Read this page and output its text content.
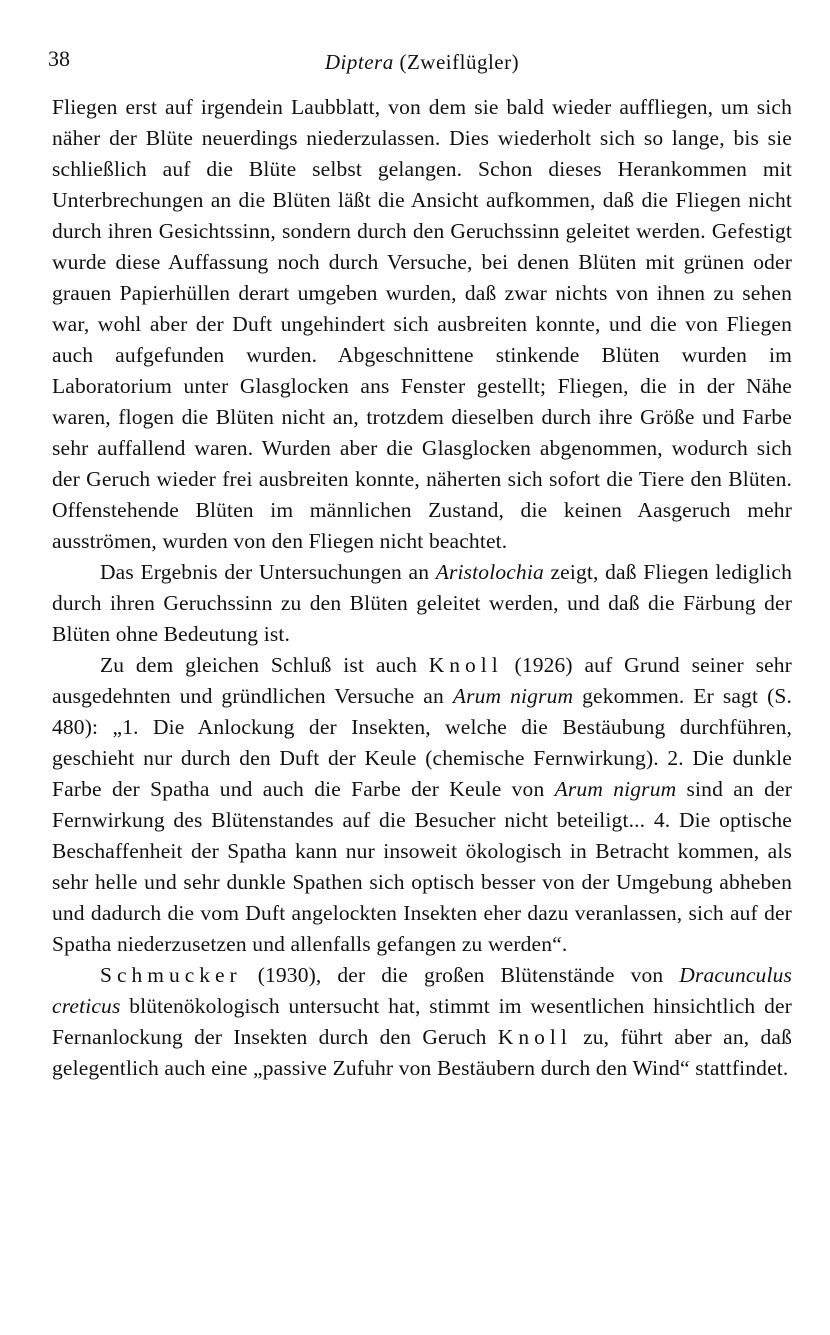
38	Diptera (Zweiflügler)

Fliegen erst auf irgendein Laubblatt, von dem sie bald wieder auffliegen, um sich näher der Blüte neuerdings niederzulassen. Dies wiederholt sich so lange, bis sie schließlich auf die Blüte selbst gelangen. Schon dieses Herankommen mit Unterbrechungen an die Blüten läßt die Ansicht aufkommen, daß die Fliegen nicht durch ihren Gesichtssinn, sondern durch den Geruchssinn geleitet werden. Gefestigt wurde diese Auffassung noch durch Versuche, bei denen Blüten mit grünen oder grauen Papierhüllen derart umgeben wurden, daß zwar nichts von ihnen zu sehen war, wohl aber der Duft ungehindert sich ausbreiten konnte, und die von Fliegen auch aufgefunden wurden. Abgeschnittene stinkende Blüten wurden im Laboratorium unter Glasglocken ans Fenster gestellt; Fliegen, die in der Nähe waren, flogen die Blüten nicht an, trotzdem dieselben durch ihre Größe und Farbe sehr auffallend waren. Wurden aber die Glasglocken abgenommen, wodurch sich der Geruch wieder frei ausbreiten konnte, näherten sich sofort die Tiere den Blüten. Offenstehende Blüten im männlichen Zustand, die keinen Aasgeruch mehr ausströmen, wurden von den Fliegen nicht beachtet.

Das Ergebnis der Untersuchungen an Aristolochia zeigt, daß Fliegen lediglich durch ihren Geruchssinn zu den Blüten geleitet werden, und daß die Färbung der Blüten ohne Bedeutung ist.

Zu dem gleichen Schluß ist auch Knoll (1926) auf Grund seiner sehr ausgedehnten und gründlichen Versuche an Arum nigrum gekommen. Er sagt (S. 480): „1. Die Anlockung der Insekten, welche die Bestäubung durchführen, geschieht nur durch den Duft der Keule (chemische Fernwirkung). 2. Die dunkle Farbe der Spatha und auch die Farbe der Keule von Arum nigrum sind an der Fernwirkung des Blütenstandes auf die Besucher nicht beteiligt... 4. Die optische Beschaffenheit der Spatha kann nur insoweit ökologisch in Betracht kommen, als sehr helle und sehr dunkle Spathen sich optisch besser von der Umgebung abheben und dadurch die vom Duft angelockten Insekten eher dazu veranlassen, sich auf der Spatha niederzusetzen und allenfalls gefangen zu werden“.

Schmucker (1930), der die großen Blütenstände von Dracunculus creticus blütenökologisch untersucht hat, stimmt im wesentlichen hinsichtlich der Fernanlockung der Insekten durch den Geruch Knoll zu, führt aber an, daß gelegentlich auch eine „passive Zufuhr von Bestäubern durch den Wind“ stattfindet.
